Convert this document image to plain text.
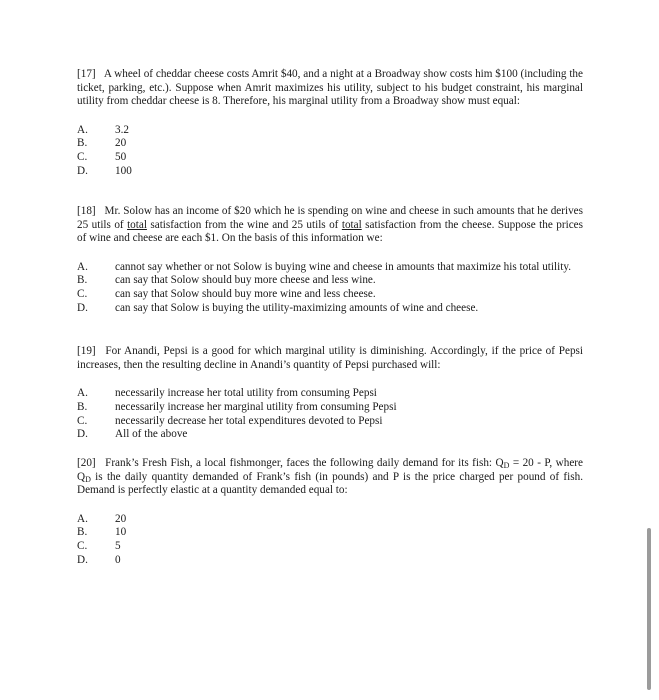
[17] A wheel of cheddar cheese costs Amrit $40, and a night at a Broadway show costs him $100 (including the ticket, parking, etc.). Suppose when Amrit maximizes his utility, subject to his budget constraint, his marginal utility from cheddar cheese is 8. Therefore, his marginal utility from a Broadway show must equal:
A.	3.2
B.	20
C.	50
D.	100
[18] Mr. Solow has an income of $20 which he is spending on wine and cheese in such amounts that he derives 25 utils of total satisfaction from the wine and 25 utils of total satisfaction from the cheese. Suppose the prices of wine and cheese are each $1. On the basis of this information we:
A. cannot say whether or not Solow is buying wine and cheese in amounts that maximize his total utility.
B.	can say that Solow should buy more cheese and less wine.
C.	can say that Solow should buy more wine and less cheese.
D.	can say that Solow is buying the utility-maximizing amounts of wine and cheese.
[19] For Anandi, Pepsi is a good for which marginal utility is diminishing. Accordingly, if the price of Pepsi increases, then the resulting decline in Anandi’s quantity of Pepsi purchased will:
A.	necessarily increase her total utility from consuming Pepsi
B.	necessarily increase her marginal utility from consuming Pepsi
C.	necessarily decrease her total expenditures devoted to Pepsi
D.	All of the above
[20] Frank’s Fresh Fish, a local fishmonger, faces the following daily demand for its fish: $Q_D = 20 - P$, where $Q_D$ is the daily quantity demanded of Frank’s fish (in pounds) and P is the price charged per pound of fish. Demand is perfectly elastic at a quantity demanded equal to:
A.	20
B.	10
C.	5
D.	0
